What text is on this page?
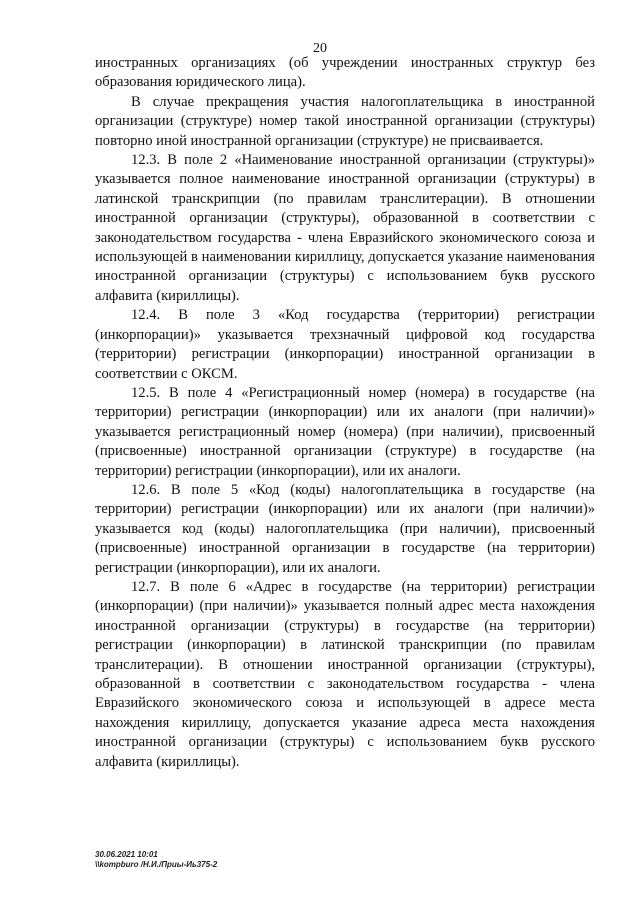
20

иностранных организациях (об учреждении иностранных структур без образования юридического лица).

В случае прекращения участия налогоплательщика в иностранной организации (структуре) номер такой иностранной организации (структуры) повторно иной иностранной организации (структуре) не присваивается.

12.3. В поле 2 «Наименование иностранной организации (структуры)» указывается полное наименование иностранной организации (структуры) в латинской транскрипции (по правилам транслитерации). В отношении иностранной организации (структуры), образованной в соответствии с законодательством государства - члена Евразийского экономического союза и использующей в наименовании кириллицу, допускается указание наименования иностранной организации (структуры) с использованием букв русского алфавита (кириллицы).

12.4. В поле 3 «Код государства (территории) регистрации (инкорпорации)» указывается трехзначный цифровой код государства (территории) регистрации (инкорпорации) иностранной организации в соответствии с ОКСМ.

12.5. В поле 4 «Регистрационный номер (номера) в государстве (на территории) регистрации (инкорпорации) или их аналоги (при наличии)» указывается регистрационный номер (номера) (при наличии), присвоенный (присвоенные) иностранной организации (структуре) в государстве (на территории) регистрации (инкорпорации), или их аналоги.

12.6. В поле 5 «Код (коды) налогоплательщика в государстве (на территории) регистрации (инкорпорации) или их аналоги (при наличии)» указывается код (коды) налогоплательщика (при наличии), присвоенный (присвоенные) иностранной организации в государстве (на территории) регистрации (инкорпорации), или их аналоги.

12.7. В поле 6 «Адрес в государстве (на территории) регистрации (инкорпорации) (при наличии)» указывается полный адрес места нахождения иностранной организации (структуры) в государстве (на территории) регистрации (инкорпорации) в латинской транскрипции (по правилам транслитерации). В отношении иностранной организации (структуры), образованной в соответствии с законодательством государства - члена Евразийского экономического союза и использующей в адресе места нахождения кириллицу, допускается указание адреса места нахождения иностранной организации (структуры) с использованием букв русского алфавита (кириллицы).

30.06.2021 10:01
\\kompburo /Н.И./Приы-Иь375-2
